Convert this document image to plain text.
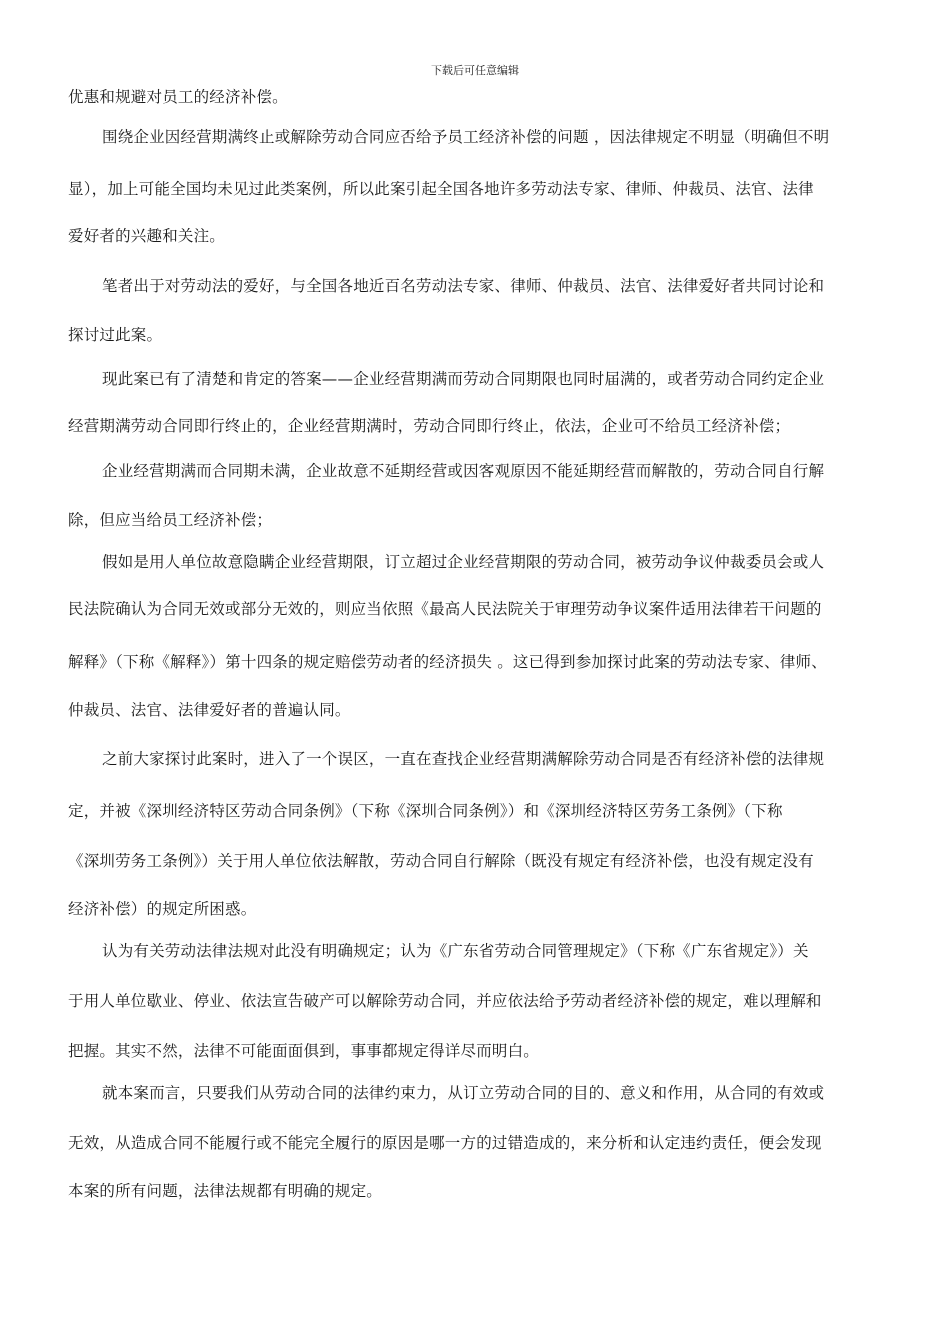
下载后可任意编辑
优惠和规避对员工的经济补偿。
围绕企业因经营期满终止或解除劳动合同应否给予员工经济补偿的问题 ，因法律规定不明显（明确但不明
显），加上可能全国均未见过此类案例，所以此案引起全国各地许多劳动法专家、律师、仲裁员、法官、法律
爱好者的兴趣和关注。
笔者出于对劳动法的爱好，与全国各地近百名劳动法专家、律师、仲裁员、法官、法律爱好者共同讨论和
探讨过此案。
现此案已有了清楚和肯定的答案——企业经营期满而劳动合同期限也同时届满的，或者劳动合同约定企业
经营期满劳动合同即行终止的，企业经营期满时，劳动合同即行终止，依法，企业可不给员工经济补偿；
企业经营期满而合同期未满，企业故意不延期经营或因客观原因不能延期经营而解散的，劳动合同自行解
除，但应当给员工经济补偿；
假如是用人单位故意隐瞒企业经营期限，订立超过企业经营期限的劳动合同，被劳动争议仲裁委员会或人
民法院确认为合同无效或部分无效的，则应当依照《最高人民法院关于审理劳动争议案件适用法律若干问题的
解释》（下称《解释》）第十四条的规定赔偿劳动者的经济损失 。这已得到参加探讨此案的劳动法专家、律师、
仲裁员、法官、法律爱好者的普遍认同。
之前大家探讨此案时，进入了一个误区，一直在查找企业经营期满解除劳动合同是否有经济补偿的法律规
定，并被《深圳经济特区劳动合同条例》（下称《深圳合同条例》）和《深圳经济特区劳务工条例》（下称
《深圳劳务工条例》）关于用人单位依法解散，劳动合同自行解除（既没有规定有经济补偿，也没有规定没有
经济补偿）的规定所困惑。
认为有关劳动法律法规对此没有明确规定；认为《广东省劳动合同管理规定》（下称《广东省规定》）关
于用人单位歇业、停业、依法宣告破产可以解除劳动合同，并应依法给予劳动者经济补偿的规定，难以理解和
把握。其实不然，法律不可能面面俱到，事事都规定得详尽而明白。
就本案而言，只要我们从劳动合同的法律约束力，从订立劳动合同的目的、意义和作用，从合同的有效或
无效，从造成合同不能履行或不能完全履行的原因是哪一方的过错造成的，来分析和认定违约责任，便会发现
本案的所有问题，法律法规都有明确的规定。
